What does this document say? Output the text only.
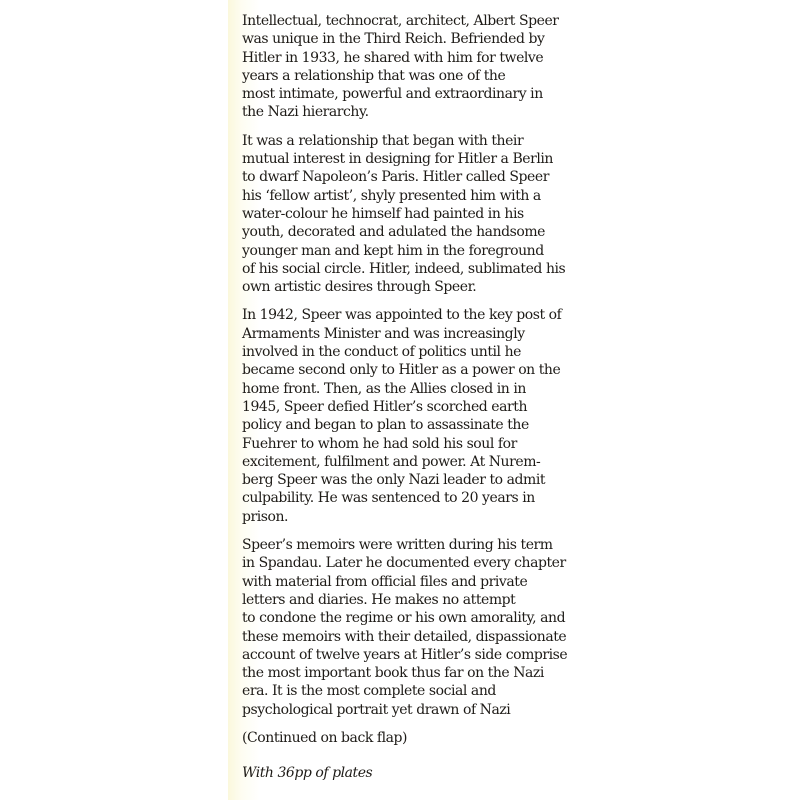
Intellectual, technocrat, architect, Albert Speer
was unique in the Third Reich. Befriended by
Hitler in 1933, he shared with him for twelve
years a relationship that was one of the
most intimate, powerful and extraordinary in
the Nazi hierarchy.

It was a relationship that began with their
mutual interest in designing for Hitler a Berlin
to dwarf Napoleon’s Paris. Hitler called Speer
his ‘fellow artist’, shyly presented him with a
water-colour he himself had painted in his
youth, decorated and adulated the handsome
younger man and kept him in the foreground
of his social circle. Hitler, indeed, sublimated his
own artistic desires through Speer.

In 1942, Speer was appointed to the key post of
Armaments Minister and was increasingly
involved in the conduct of politics until he
became second only to Hitler as a power on the
home front. Then, as the Allies closed in in
1945, Speer defied Hitler’s scorched earth
policy and began to plan to assassinate the
Fuehrer to whom he had sold his soul for
excitement, fulfilment and power. At Nurem-
berg Speer was the only Nazi leader to admit
culpability. He was sentenced to 20 years in
prison.

Speer’s memoirs were written during his term
in Spandau. Later he documented every chapter
with material from official files and private
letters and diaries. He makes no attempt
to condone the regime or his own amorality, and
these memoirs with their detailed, dispassionate
account of twelve years at Hitler’s side comprise
the most important book thus far on the Nazi
era. It is the most complete social and
psychological portrait yet drawn of Nazi

(Continued on back flap)

With 36pp of plates
